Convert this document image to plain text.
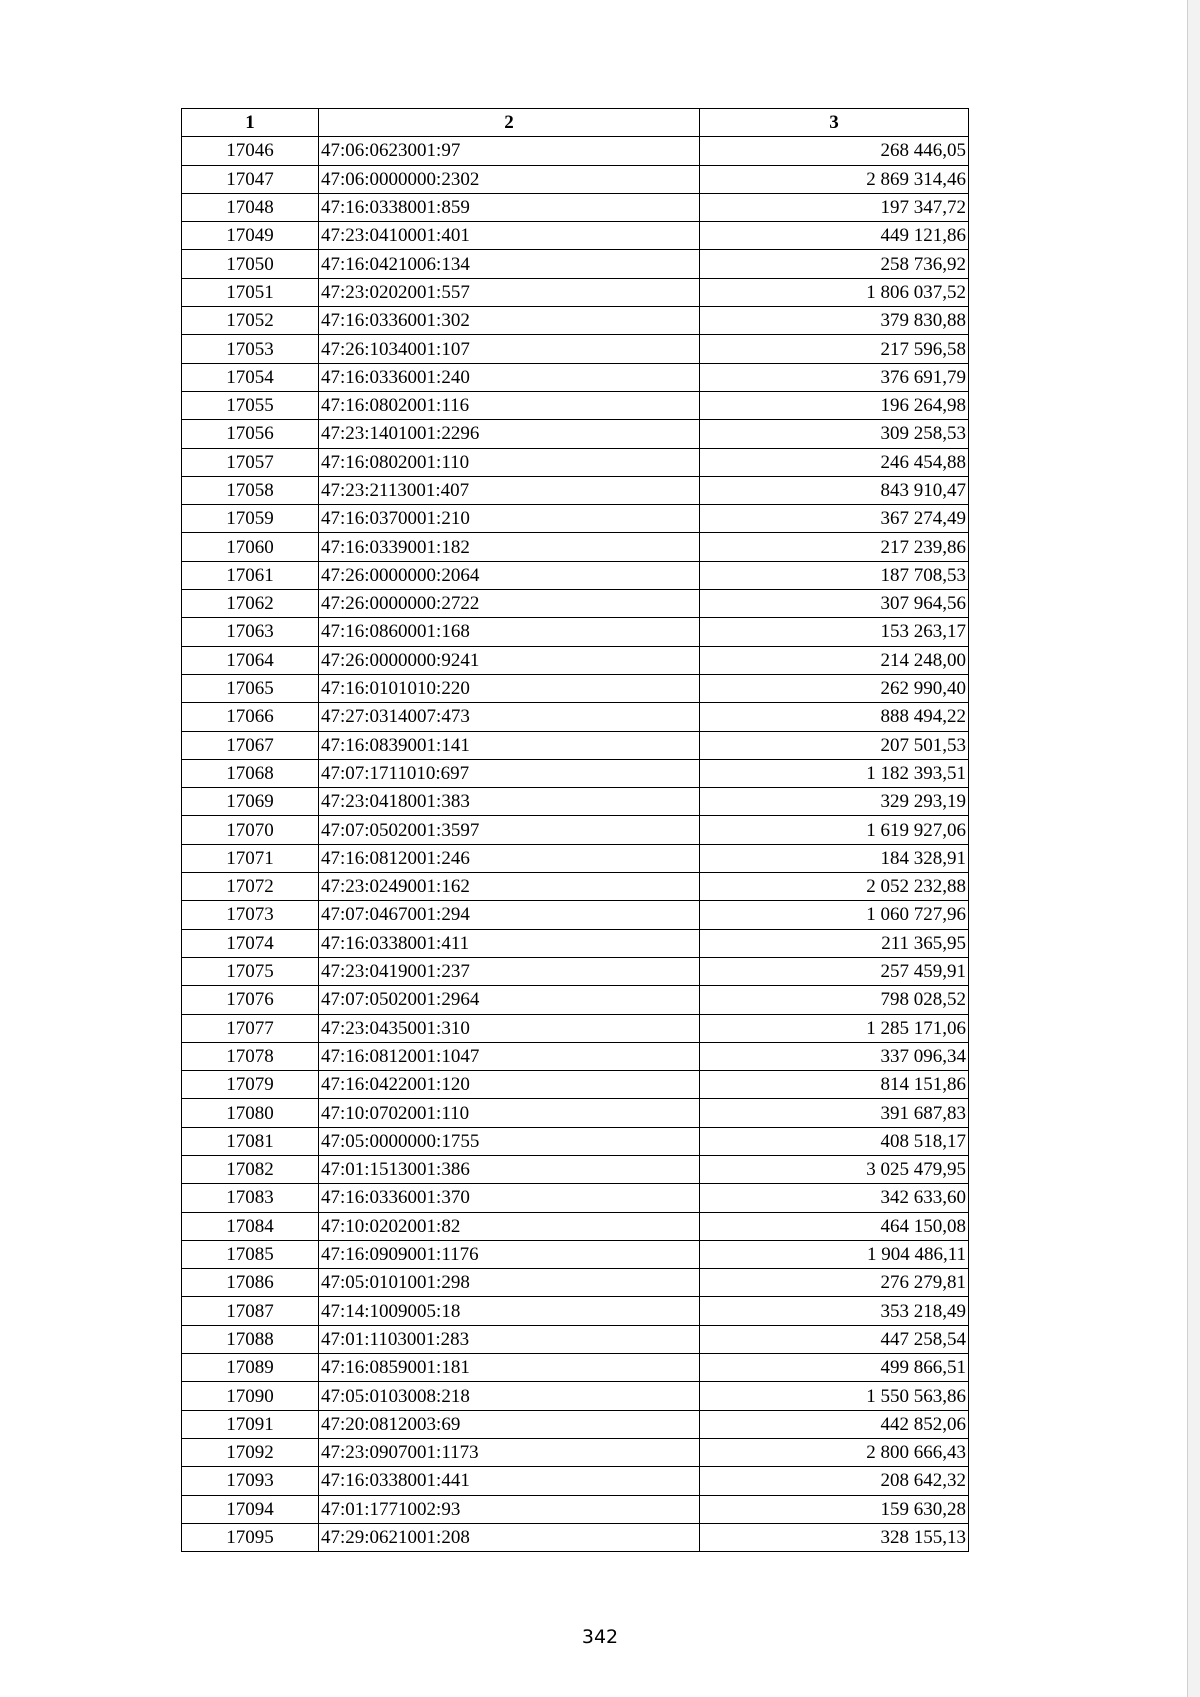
1	2	3
17046	47:06:0623001:97	268 446,05
17047	47:06:0000000:2302	2 869 314,46
17048	47:16:0338001:859	197 347,72
17049	47:23:0410001:401	449 121,86
17050	47:16:0421006:134	258 736,92
17051	47:23:0202001:557	1 806 037,52
17052	47:16:0336001:302	379 830,88
17053	47:26:1034001:107	217 596,58
17054	47:16:0336001:240	376 691,79
17055	47:16:0802001:116	196 264,98
17056	47:23:1401001:2296	309 258,53
17057	47:16:0802001:110	246 454,88
17058	47:23:2113001:407	843 910,47
17059	47:16:0370001:210	367 274,49
17060	47:16:0339001:182	217 239,86
17061	47:26:0000000:2064	187 708,53
17062	47:26:0000000:2722	307 964,56
17063	47:16:0860001:168	153 263,17
17064	47:26:0000000:9241	214 248,00
17065	47:16:0101010:220	262 990,40
17066	47:27:0314007:473	888 494,22
17067	47:16:0839001:141	207 501,53
17068	47:07:1711010:697	1 182 393,51
17069	47:23:0418001:383	329 293,19
17070	47:07:0502001:3597	1 619 927,06
17071	47:16:0812001:246	184 328,91
17072	47:23:0249001:162	2 052 232,88
17073	47:07:0467001:294	1 060 727,96
17074	47:16:0338001:411	211 365,95
17075	47:23:0419001:237	257 459,91
17076	47:07:0502001:2964	798 028,52
17077	47:23:0435001:310	1 285 171,06
17078	47:16:0812001:1047	337 096,34
17079	47:16:0422001:120	814 151,86
17080	47:10:0702001:110	391 687,83
17081	47:05:0000000:1755	408 518,17
17082	47:01:1513001:386	3 025 479,95
17083	47:16:0336001:370	342 633,60
17084	47:10:0202001:82	464 150,08
17085	47:16:0909001:1176	1 904 486,11
17086	47:05:0101001:298	276 279,81
17087	47:14:1009005:18	353 218,49
17088	47:01:1103001:283	447 258,54
17089	47:16:0859001:181	499 866,51
17090	47:05:0103008:218	1 550 563,86
17091	47:20:0812003:69	442 852,06
17092	47:23:0907001:1173	2 800 666,43
17093	47:16:0338001:441	208 642,32
17094	47:01:1771002:93	159 630,28
17095	47:29:0621001:208	328 155,13
342
